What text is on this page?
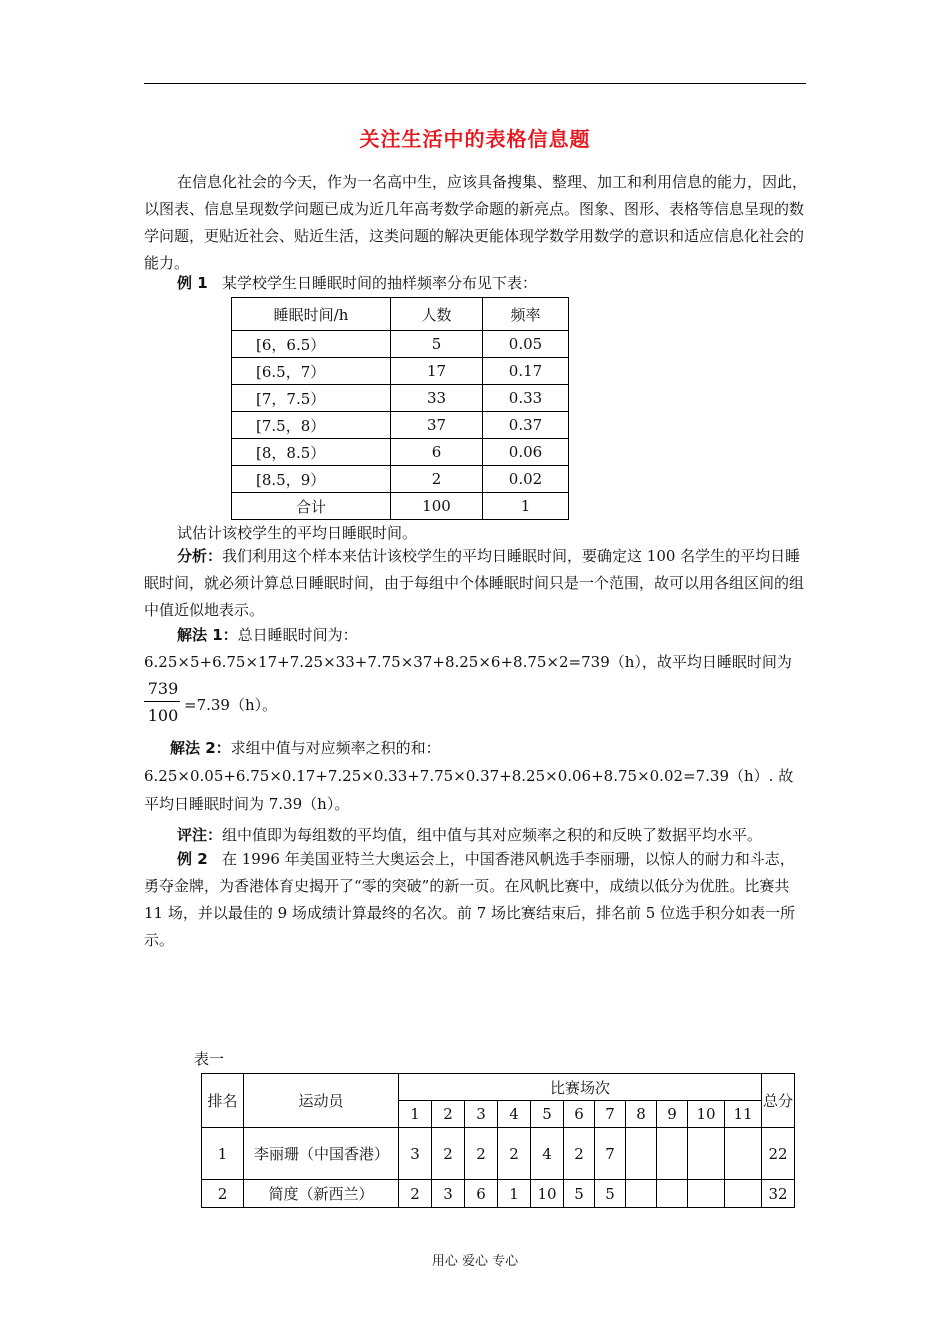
关注生活中的表格信息题

在信息化社会的今天，作为一名高中生，应该具备搜集、整理、加工和利用信息的能力，因此，以图表、信息呈现数学问题已成为近几年高考数学命题的新亮点。图象、图形、表格等信息呈现的数学问题，更贴近社会、贴近生活，这类问题的解决更能体现学数学用数学的意识和适应信息化社会的能力。

例 1 某学校学生日睡眠时间的抽样频率分布见下表：
睡眠时间/h	人数	频率
[6，6.5）	5	0.05
[6.5，7）	17	0.17
[7，7.5）	33	0.33
[7.5，8）	37	0.37
[8，8.5）	6	0.06
[8.5，9）	2	0.02
合计	100	1
试估计该校学生的平均日睡眠时间。

分析：我们利用这个样本来估计该校学生的平均日睡眠时间，要确定这 100 名学生的平均日睡眠时间，就必须计算总日睡眠时间，由于每组中个体睡眠时间只是一个范围，故可以用各组区间的组中值近似地表示。

解法 1：总日睡眠时间为：
6.25×5+6.75×17+7.25×33+7.75×37+8.25×6+8.75×2=739（h），故平均日睡眠时间为
739
100
=7.39（h）。
解法 2：求组中值与对应频率之积的和：
6.25×0.05+6.75×0.17+7.25×0.33+7.75×0.37+8.25×0.06+8.75×0.02=7.39（h）. 故
平均日睡眠时间为 7.39（h）。
评注：组中值即为每组数的平均值，组中值与其对应频率之积的和反映了数据平均水平。

例 2 在 1996 年美国亚特兰大奥运会上，中国香港风帆选手李丽珊，以惊人的耐力和斗志，勇夺金牌，为香港体育史揭开了“零的突破”的新一页。在风帆比赛中，成绩以低分为优胜。比赛共 11 场，并以最佳的 9 场成绩计算最终的名次。前 7 场比赛结束后，排名前 5 位选手积分如表一所示。

表一
排名	运动员	比赛场次											总分
		1	2	3	4	5	6	7	8	9	10	11	
1	李丽珊（中国香港）	3	2	2	2	4	2	7					22
2	简度（新西兰）	2	3	6	1	10	5	5					32
用心 爱心 专心
